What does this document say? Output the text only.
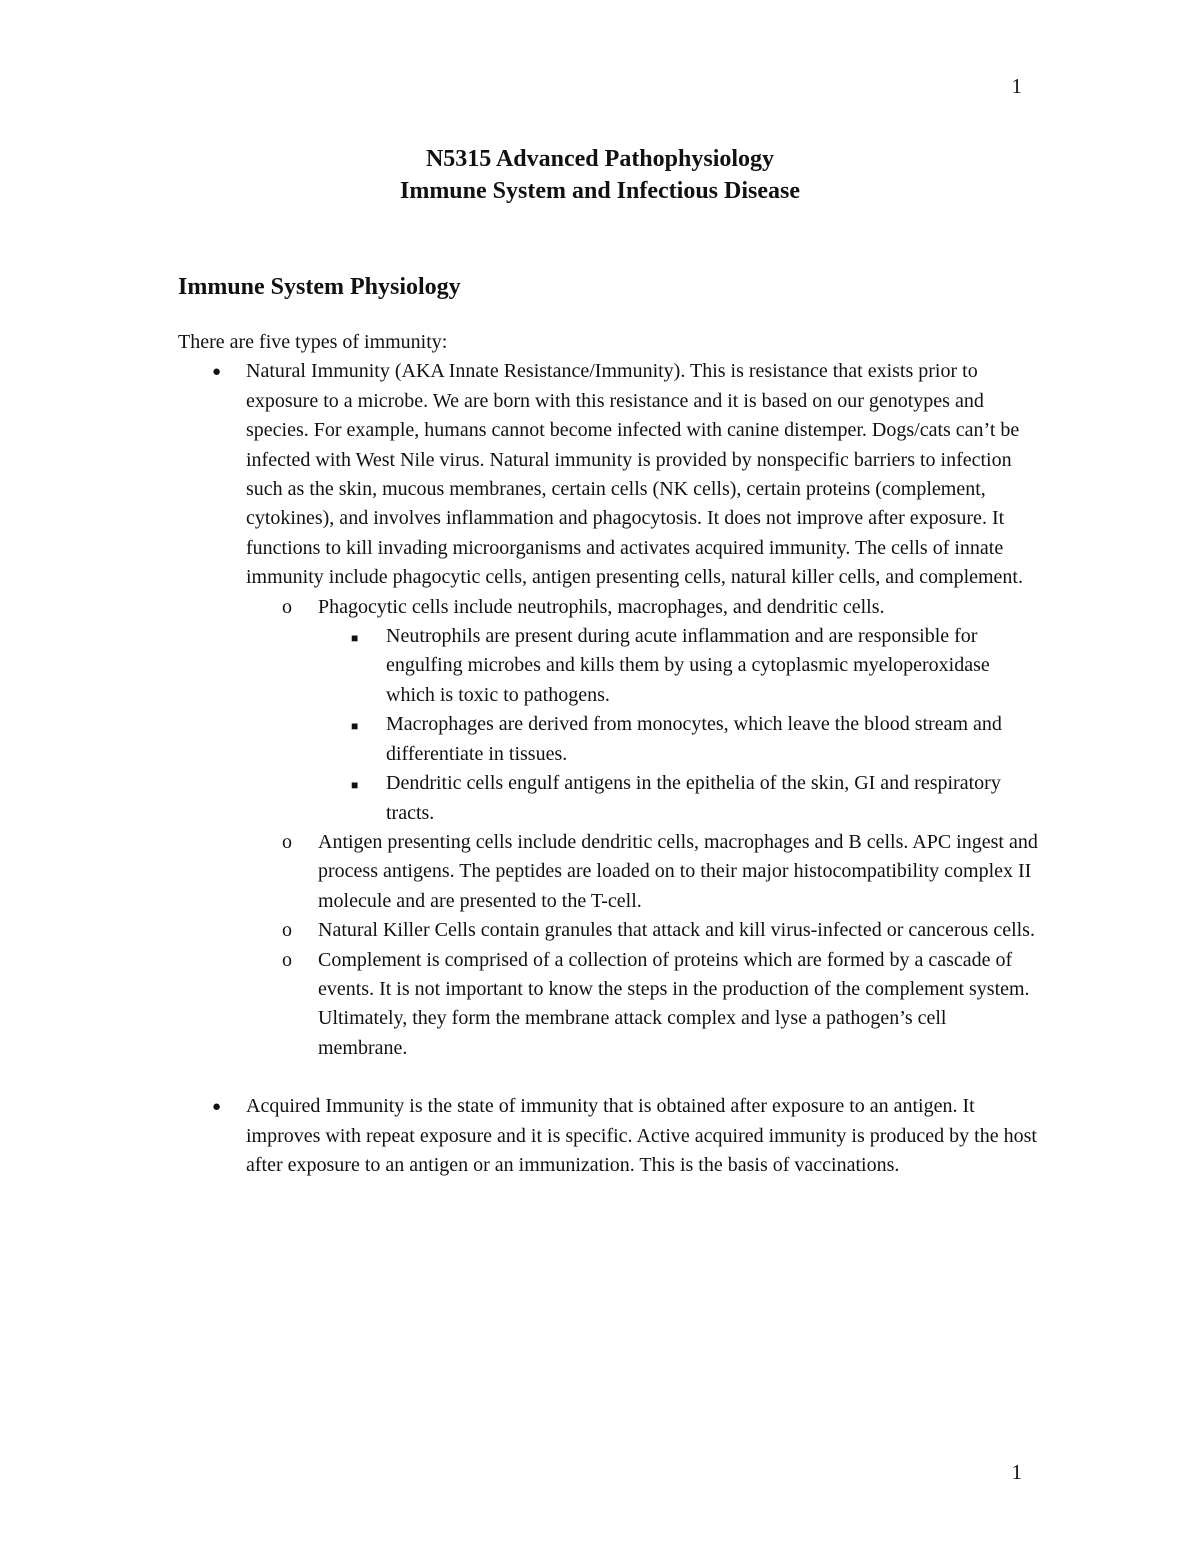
1
N5315 Advanced Pathophysiology
Immune System and Infectious Disease
Immune System Physiology

There are five types of immunity:

● Natural Immunity (AKA Innate Resistance/Immunity). This is resistance that exists prior to exposure to a microbe. We are born with this resistance and it is based on our genotypes and species. For example, humans cannot become infected with canine distemper. Dogs/cats can’t be infected with West Nile virus. Natural immunity is provided by nonspecific barriers to infection such as the skin, mucous membranes, certain cells (NK cells), certain proteins (complement, cytokines), and involves inflammation and phagocytosis. It does not improve after exposure. It functions to kill invading microorganisms and activates acquired immunity. The cells of innate immunity include phagocytic cells, antigen presenting cells, natural killer cells, and complement.
o Phagocytic cells include neutrophils, macrophages, and dendritic cells.
■ Neutrophils are present during acute inflammation and are responsible for engulfing microbes and kills them by using a cytoplasmic myeloperoxidase which is toxic to pathogens.
■ Macrophages are derived from monocytes, which leave the blood stream and differentiate in tissues.
■ Dendritic cells engulf antigens in the epithelia of the skin, GI and respiratory tracts.
o Antigen presenting cells include dendritic cells, macrophages and B cells. APC ingest and process antigens. The peptides are loaded on to their major histocompatibility complex II molecule and are presented to the T-cell.
o Natural Killer Cells contain granules that attack and kill virus-infected or cancerous cells.
o Complement is comprised of a collection of proteins which are formed by a cascade of events. It is not important to know the steps in the production of the complement system. Ultimately, they form the membrane attack complex and lyse a pathogen’s cell membrane.
● Acquired Immunity is the state of immunity that is obtained after exposure to an antigen. It improves with repeat exposure and it is specific. Active acquired immunity is produced by the host after exposure to an antigen or an immunization. This is the basis of vaccinations.
1
